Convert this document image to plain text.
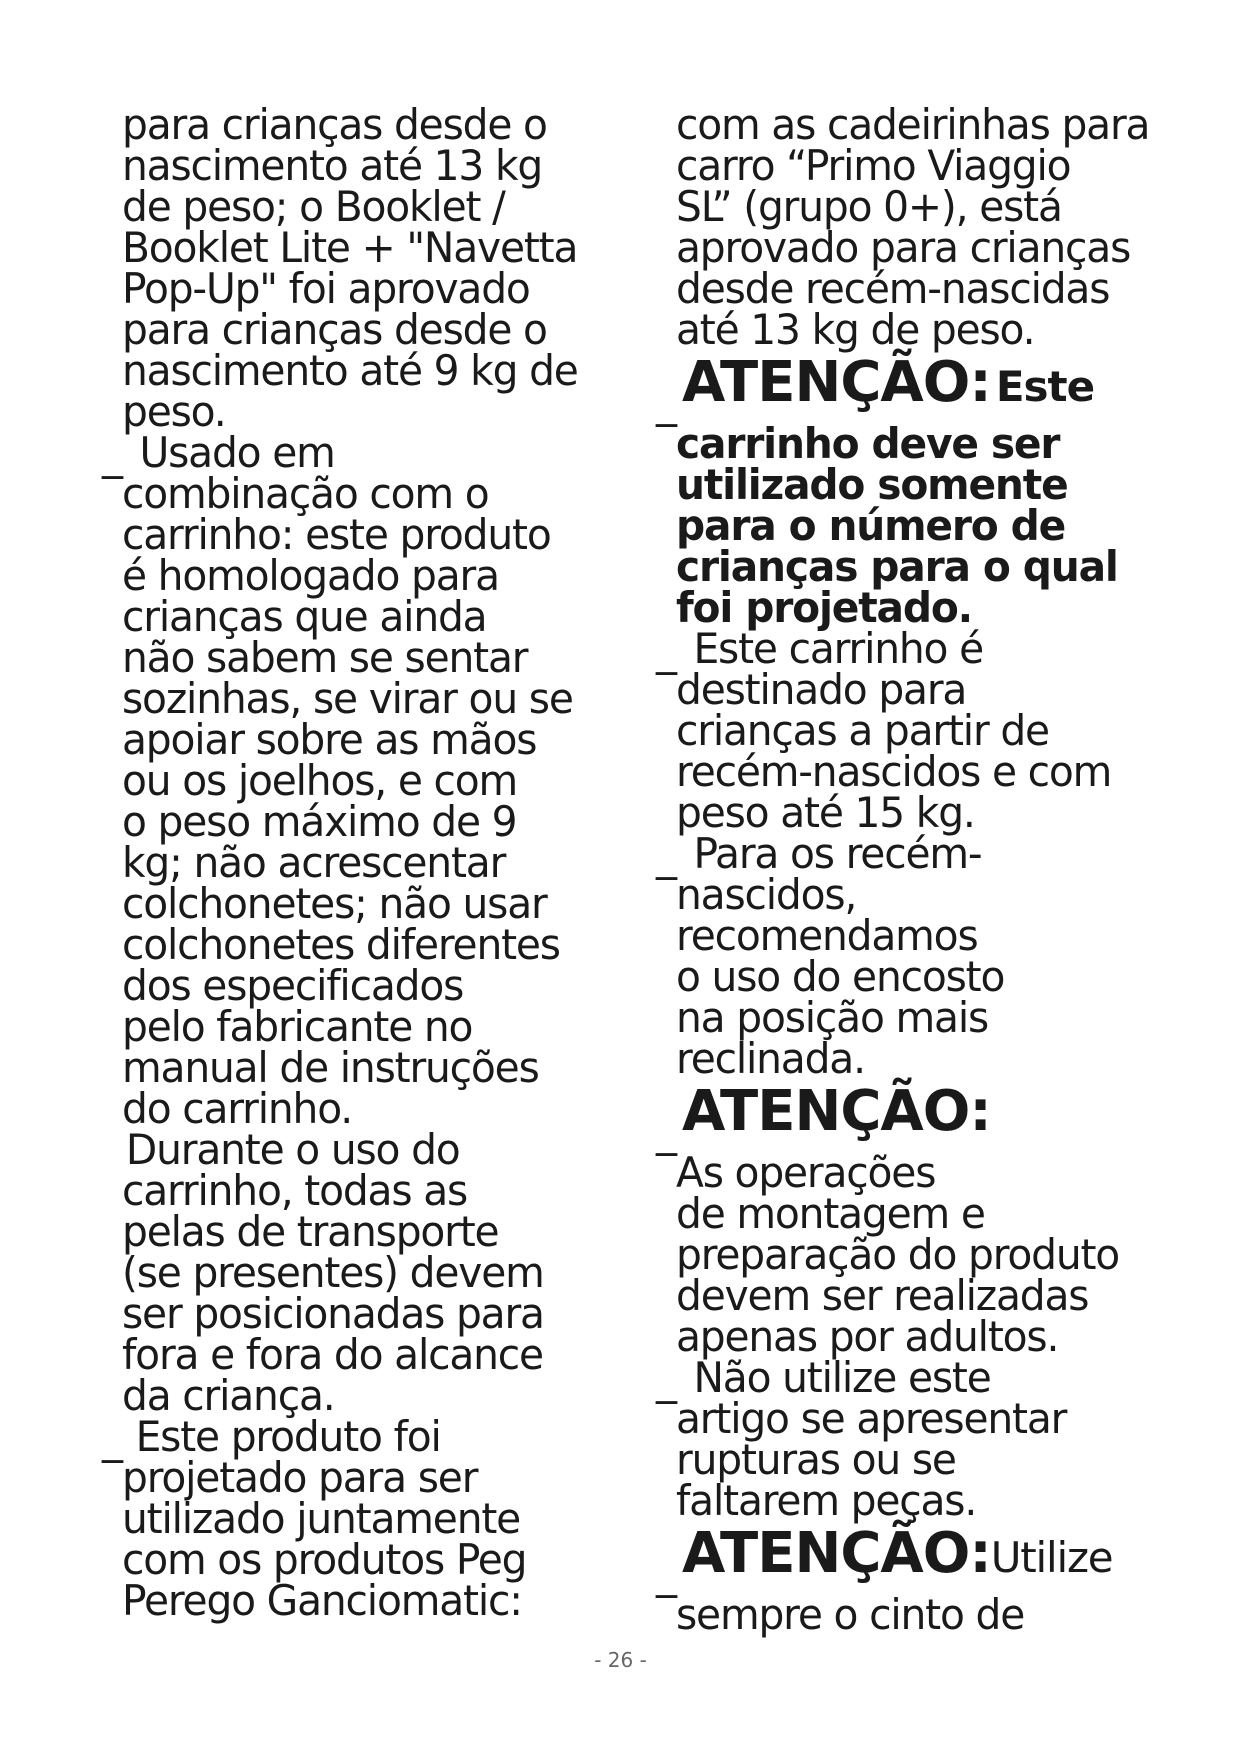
para crianças desde o
nascimento até 13 kg
de peso; o Booklet /
Booklet Lite + "Navetta
Pop-Up" foi aprovado
para crianças desde o
nascimento até 9 kg de
peso.
_ Usado em
combinação com o
carrinho: este produto
é homologado para
crianças que ainda
não sabem se sentar
sozinhas, se virar ou se
apoiar sobre as mãos
ou os joelhos, e com
o peso máximo de 9
kg; não acrescentar
colchonetes; não usar
colchonetes diferentes
dos especificados
pelo fabricante no
manual de instruções
do carrinho.
Durante o uso do
carrinho, todas as
pelas de transporte
(se presentes) devem
ser posicionadas para
fora e fora do alcance
da criança.
_ Este produto foi
projetado para ser
utilizado juntamente
com os produtos Peg
Perego Ganciomatic:
com as cadeirinhas para
carro “Primo Viaggio
SL” (grupo 0+), está
aprovado para crianças
desde recém-nascidas
até 13 kg de peso.
_ ATENÇÃO: Este
carrinho deve ser
utilizado somente
para o número de
crianças para o qual
foi projetado.
_ Este carrinho é
destinado para
crianças a partir de
recém-nascidos e com
peso até 15 kg.
_ Para os recém-
nascidos,
recomendamos
o uso do encosto
na posição mais
reclinada.
_ ATENÇÃO:
As operações
de montagem e
preparação do produto
devem ser realizadas
apenas por adultos.
_ Não utilize este
artigo se apresentar
rupturas ou se
faltarem peças.
_ ATENÇÃO:Utilize
sempre o cinto de
- 26 -
